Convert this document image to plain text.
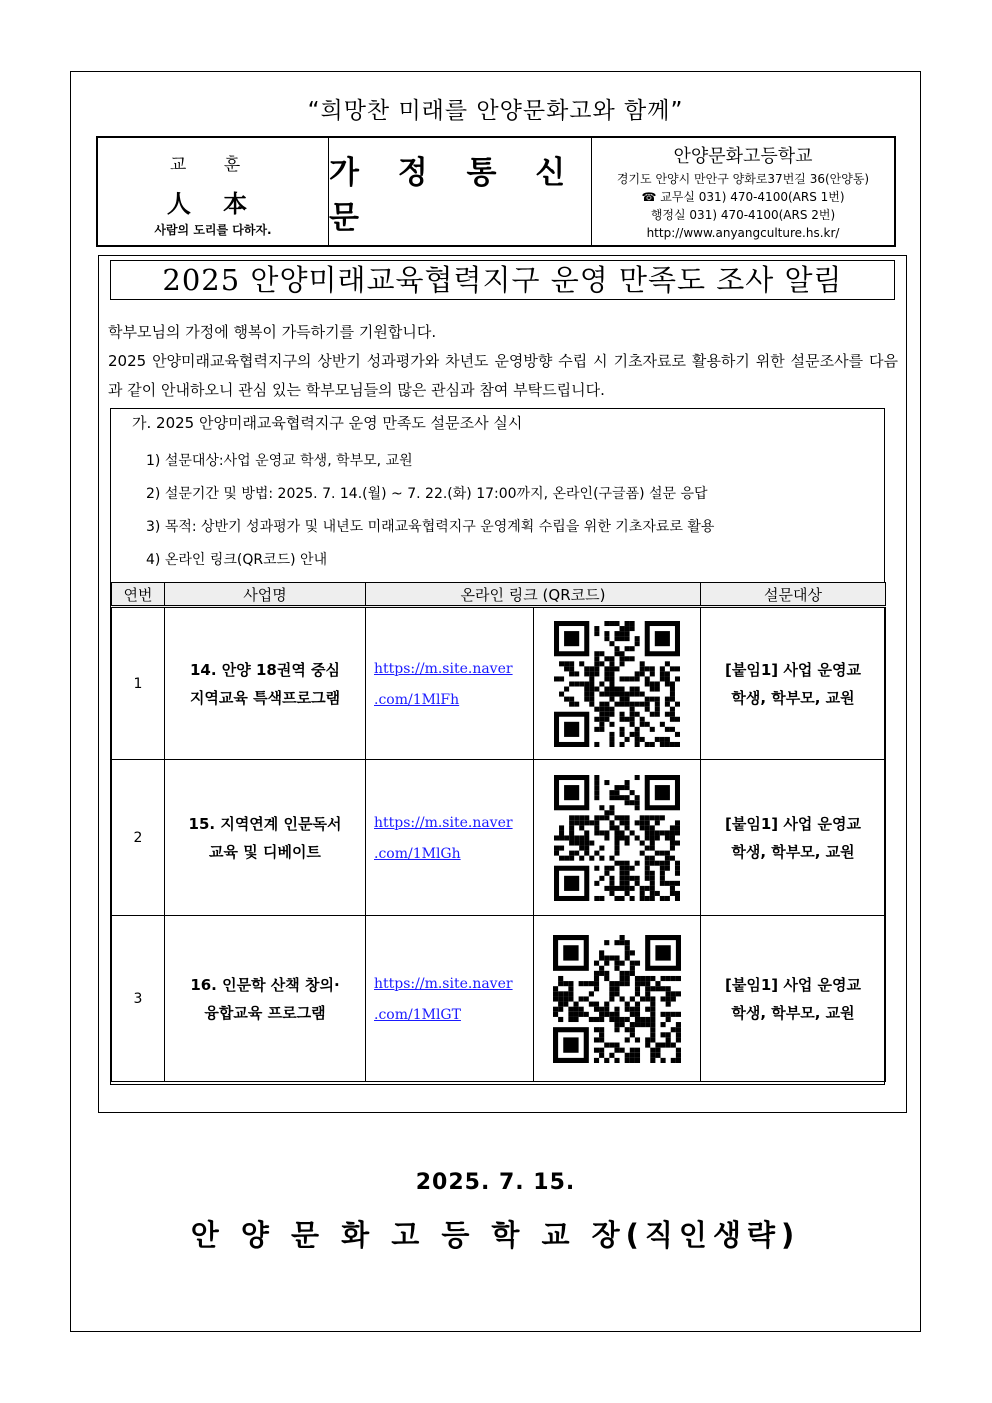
“희망찬 미래를 안양문화고와 함께”
교 훈
人 本
사람의 도리를 다하자.
가 정 통 신 문
안양문화고등학교
경기도 안양시 만안구 양화로37번길 36(안양동)
☎ 교무실 031) 470-4100(ARS 1번)
행정실 031) 470-4100(ARS 2번)
http://www.anyangculture.hs.kr/
2025 안양미래교육협력지구 운영 만족도 조사 알림

학부모님의 가정에 행복이 가득하기를 기원합니다.

2025 안양미래교육협력지구의 상반기 성과평가와 차년도 운영방향 수립 시 기초자료로 활용하기 위한 설문조사를 다음과 같이 안내하오니 관심 있는 학부모님들의 많은 관심과 참여 부탁드립니다.

가. 2025 안양미래교육협력지구 운영 만족도 설문조사 실시
1) 설문대상:사업 운영교 학생, 학부모, 교원
2) 설문기간 및 방법: 2025. 7. 14.(월) ~ 7. 22.(화) 17:00까지, 온라인(구글폼) 설문 응답
3) 목적: 상반기 성과평가 및 내년도 미래교육협력지구 운영계획 수립을 위한 기초자료로 활용
4) 온라인 링크(QR코드) 안내
연번	사업명	온라인 링크 (QR코드)		설문대상
1	14. 안양 18권역 중심
지역교육 특색프로그램	https://m.site.naver
.com/1MlFh		[붙임1] 사업 운영교
학생, 학부모, 교원
2	15. 지역연계 인문독서
교육 및 디베이트	https://m.site.naver
.com/1MlGh		[붙임1] 사업 운영교
학생, 학부모, 교원
3	16. 인문학 산책 창의·
융합교육 프로그램	https://m.site.naver
.com/1MlGT		[붙임1] 사업 운영교
학생, 학부모, 교원
2025. 7. 15.
안 양 문 화 고 등 학 교 장(직인생략)
